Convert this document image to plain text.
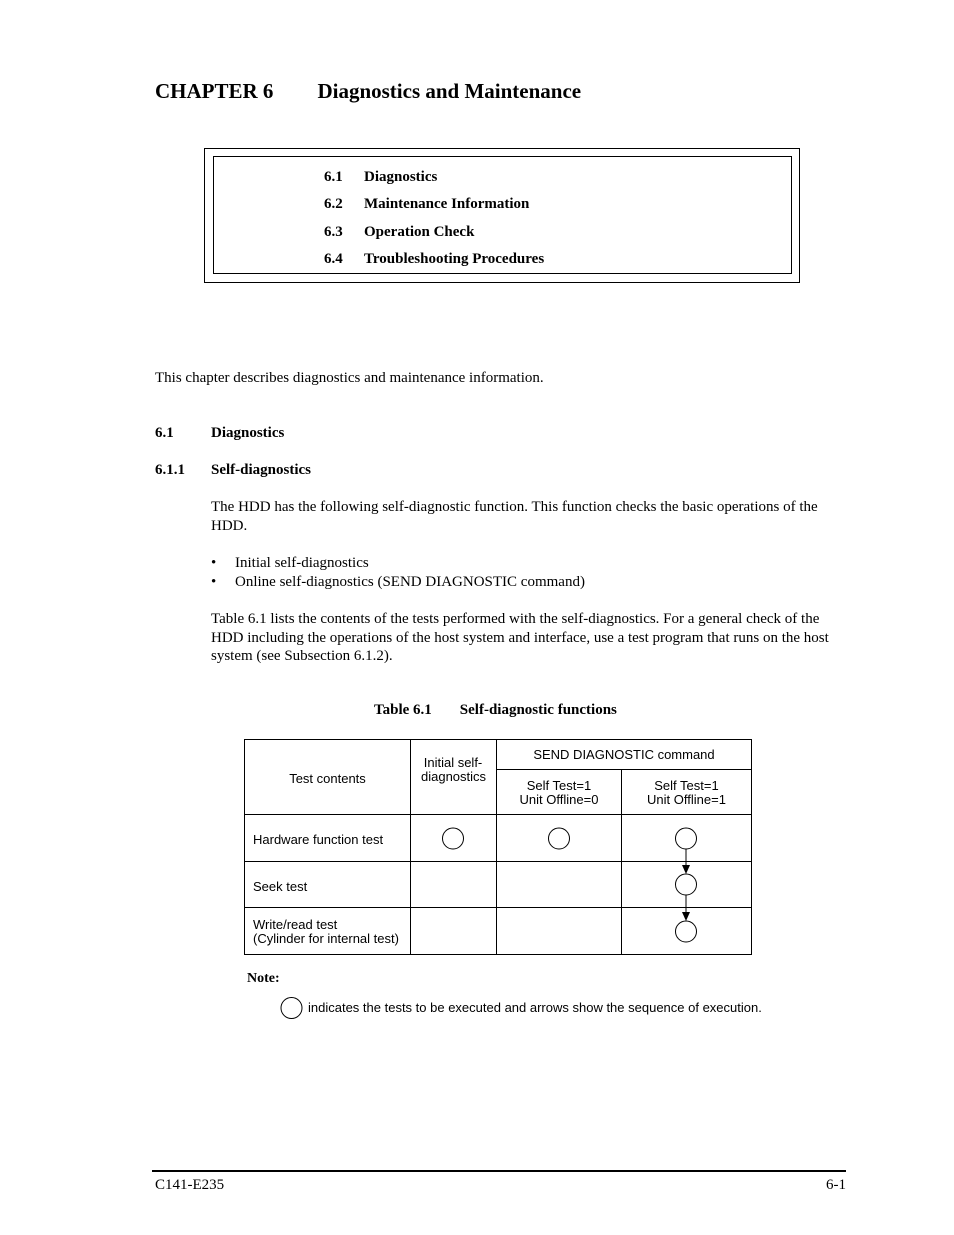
CHAPTER 6 Diagnostics and Maintenance
6.1 Diagnostics
6.2 Maintenance Information
6.3 Operation Check
6.4 Troubleshooting Procedures
This chapter describes diagnostics and maintenance information.
6.1 Diagnostics
6.1.1 Self-diagnostics
The HDD has the following self-diagnostic function. This function checks the basic operations of the HDD.
• Initial self-diagnostics
• Online self-diagnostics (SEND DIAGNOSTIC command)
Table 6.1 lists the contents of the tests performed with the self-diagnostics. For a general check of the HDD including the operations of the host system and interface, use a test program that runs on the host system (see Subsection 6.1.2).
Table 6.1 Self-diagnostic functions
Test contents
Initial self- diagnostics
SEND DIAGNOSTIC command
Self Test=1
Unit Offline=0
Self Test=1
Unit Offline=1
Hardware function test
Seek test
Write/read test
(Cylinder for internal test)
Note:
indicates the tests to be executed and arrows show the sequence of execution.
C141-E235	6-1
